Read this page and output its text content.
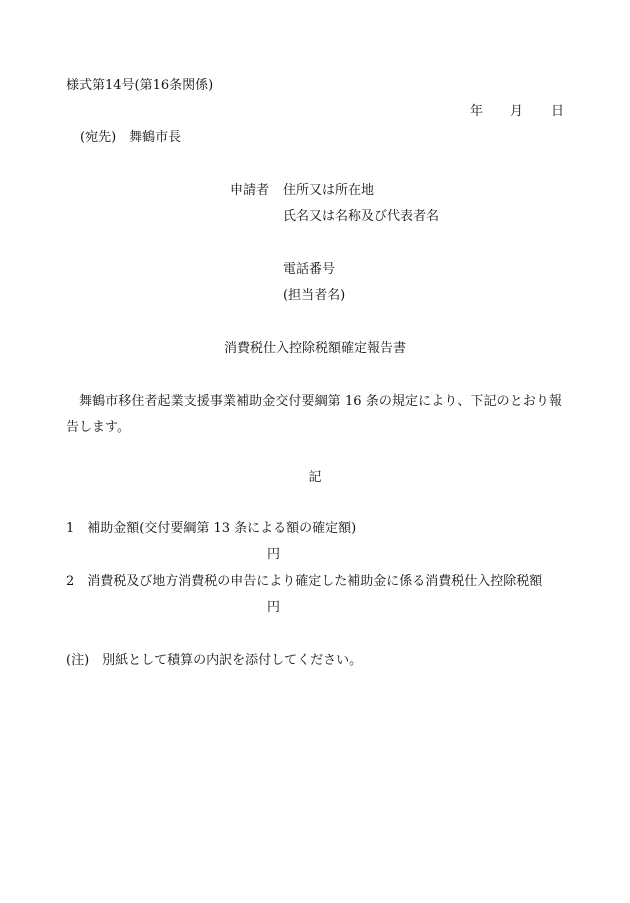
様式第14号(第16条関係)
年 月 日
(宛先)　舞鶴市長
申請者 住所又は所在地
氏名又は名称及び代表者名
電話番号
(担当者名)
消費税仕入控除税額確定報告書
舞鶴市移住者起業支援事業補助金交付要綱第 16 条の規定により、下記のとおり報告します。
記
1　補助金額(交付要綱第 13 条による額の確定額)
円
2　消費税及び地方消費税の申告により確定した補助金に係る消費税仕入控除税額
円
(注)　別紙として積算の内訳を添付してください。
